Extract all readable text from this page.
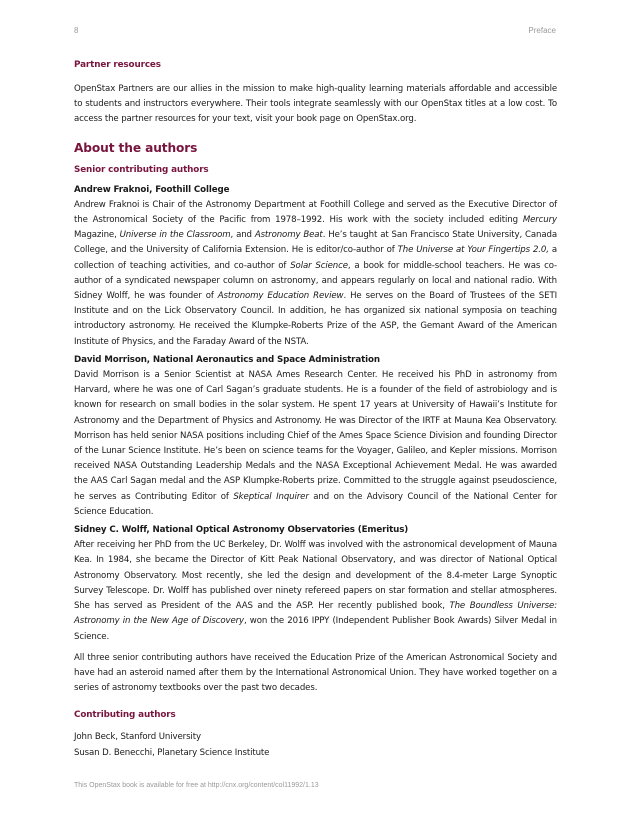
8	Preface
Partner resources

OpenStax Partners are our allies in the mission to make high-quality learning materials affordable and accessible to students and instructors everywhere. Their tools integrate seamlessly with our OpenStax titles at a low cost. To access the partner resources for your text, visit your book page on OpenStax.org.

About the authors
Senior contributing authors
Andrew Fraknoi, Foothill College

Andrew Fraknoi is Chair of the Astronomy Department at Foothill College and served as the Executive Director of the Astronomical Society of the Pacific from 1978–1992. His work with the society included editing Mercury Magazine, Universe in the Classroom, and Astronomy Beat. He’s taught at San Francisco State University, Canada College, and the University of California Extension. He is editor/co-author of The Universe at Your Fingertips 2.0, a collection of teaching activities, and co-author of Solar Science, a book for middle-school teachers. He was co-author of a syndicated newspaper column on astronomy, and appears regularly on local and national radio. With Sidney Wolff, he was founder of Astronomy Education Review. He serves on the Board of Trustees of the SETI Institute and on the Lick Observatory Council. In addition, he has organized six national symposia on teaching introductory astronomy. He received the Klumpke-Roberts Prize of the ASP, the Gemant Award of the American Institute of Physics, and the Faraday Award of the NSTA.

David Morrison, National Aeronautics and Space Administration

David Morrison is a Senior Scientist at NASA Ames Research Center. He received his PhD in astronomy from Harvard, where he was one of Carl Sagan’s graduate students. He is a founder of the field of astrobiology and is known for research on small bodies in the solar system. He spent 17 years at University of Hawaii’s Institute for Astronomy and the Department of Physics and Astronomy. He was Director of the IRTF at Mauna Kea Observatory. Morrison has held senior NASA positions including Chief of the Ames Space Science Division and founding Director of the Lunar Science Institute. He’s been on science teams for the Voyager, Galileo, and Kepler missions. Morrison received NASA Outstanding Leadership Medals and the NASA Exceptional Achievement Medal. He was awarded the AAS Carl Sagan medal and the ASP Klumpke-Roberts prize. Committed to the struggle against pseudoscience, he serves as Contributing Editor of Skeptical Inquirer and on the Advisory Council of the National Center for Science Education.

Sidney C. Wolff, National Optical Astronomy Observatories (Emeritus)

After receiving her PhD from the UC Berkeley, Dr. Wolff was involved with the astronomical development of Mauna Kea. In 1984, she became the Director of Kitt Peak National Observatory, and was director of National Optical Astronomy Observatory. Most recently, she led the design and development of the 8.4-meter Large Synoptic Survey Telescope. Dr. Wolff has published over ninety refereed papers on star formation and stellar atmospheres. She has served as President of the AAS and the ASP. Her recently published book, The Boundless Universe: Astronomy in the New Age of Discovery, won the 2016 IPPY (Independent Publisher Book Awards) Silver Medal in Science.

All three senior contributing authors have received the Education Prize of the American Astronomical Society and have had an asteroid named after them by the International Astronomical Union. They have worked together on a series of astronomy textbooks over the past two decades.

Contributing authors
John Beck, Stanford University
Susan D. Benecchi, Planetary Science Institute
This OpenStax book is available for free at http://cnx.org/content/col11992/1.13
